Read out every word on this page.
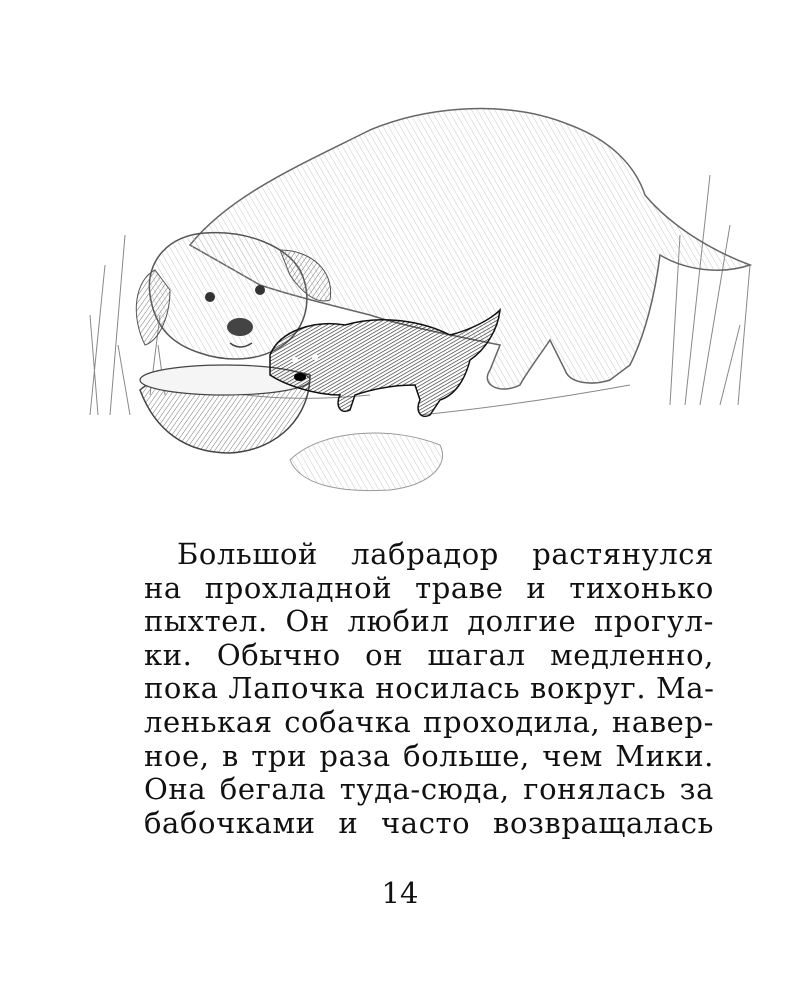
Большой лабрадор растянулся
на прохладной траве и тихонько
пыхтел. Он любил долгие прогул-
ки. Обычно он шагал медленно,
пока Лапочка носилась вокруг. Ма-
ленькая собачка проходила, навер-
ное, в три раза больше, чем Мики.
Она бегала туда-сюда, гонялась за
бабочками и часто возвращалась
14
